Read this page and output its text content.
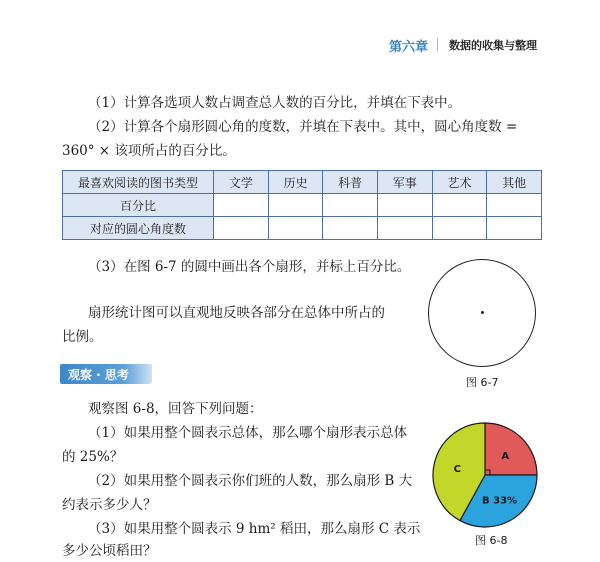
第六章 数据的收集与整理
（1）计算各选项人数占调查总人数的百分比，并填在下表中。
（2）计算各个扇形圆心角的度数，并填在下表中。其中，圆心角度数 =
360° × 该项所占的百分比。
最喜欢阅读的图书类型	文学	历史	科普	军事	艺术	其他
百分比						
对应的圆心角度数						
（3）在图 6-7 的圆中画出各个扇形，并标上百分比。
扇形统计图可以直观地反映各部分在总体中所占的
比例。
图 6-7
观察 · 思考
观察图 6-8，回答下列问题：
（1）如果用整个圆表示总体，那么哪个扇形表示总体
的 25%？
（2）如果用整个圆表示你们班的人数，那么扇形 B 大
约表示多少人？
（3）如果用整个圆表示 9 hm² 稻田，那么扇形 C 表示
多少公顷稻田？
A
B 33%
C
图 6-8
